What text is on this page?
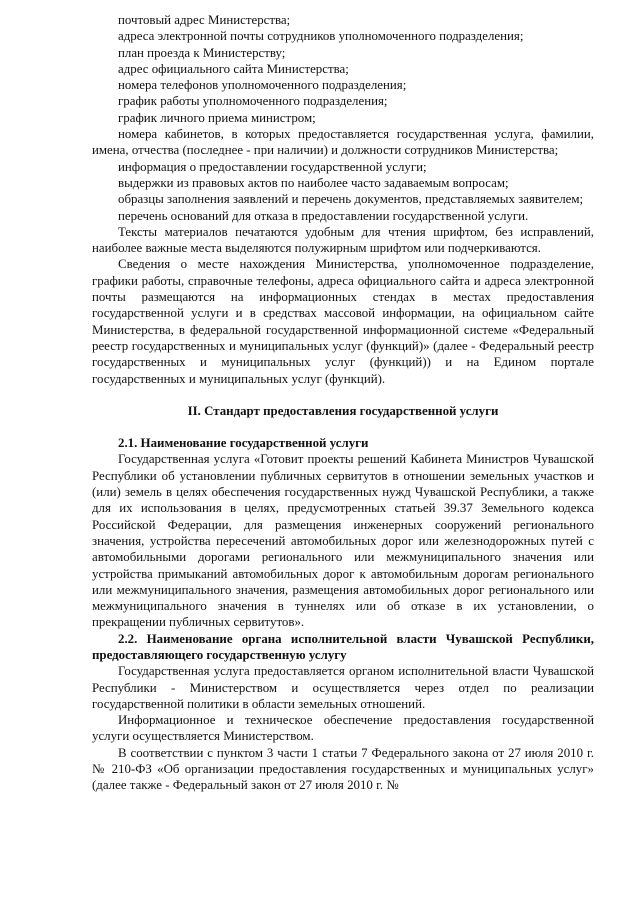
почтовый адрес Министерства;

адреса электронной почты сотрудников уполномоченного подразделения;

план проезда к Министерству;

адрес официального сайта Министерства;

номера телефонов уполномоченного подразделения;

график работы уполномоченного подразделения;

график личного приема министром;

номера кабинетов, в которых предоставляется государственная услуга, фамилии, имена, отчества (последнее - при наличии) и должности сотрудников Министерства;

информация о предоставлении государственной услуги;

выдержки из правовых актов по наиболее часто задаваемым вопросам;

образцы заполнения заявлений и перечень документов, представляемых заявителем;

перечень оснований для отказа в предоставлении государственной услуги.

Тексты материалов печатаются удобным для чтения шрифтом, без исправлений, наиболее важные места выделяются полужирным шрифтом или подчеркиваются.

Сведения о месте нахождения Министерства, уполномоченное подразделение, графики работы, справочные телефоны, адреса официального сайта и адреса электронной почты размещаются на информационных стендах в местах предоставления государственной услуги и в средствах массовой информации, на официальном сайте Министерства, в федеральной государственной информационной системе «Федеральный реестр государственных и муниципальных услуг (функций)» (далее - Федеральный реестр государственных и муниципальных услуг (функций)) и на Едином портале государственных и муниципальных услуг (функций).

II. Стандарт предоставления государственной услуги

2.1. Наименование государственной услуги

Государственная услуга «Готовит проекты решений Кабинета Министров Чувашской Республики об установлении публичных сервитутов в отношении земельных участков и (или) земель в целях обеспечения государственных нужд Чувашской Республики, а также для их использования в целях, предусмотренных статьей 39.37 Земельного кодекса Российской Федерации, для размещения инженерных сооружений регионального значения, устройства пересечений автомобильных дорог или железнодорожных путей с автомобильными дорогами регионального или межмуниципального значения или устройства примыканий автомобильных дорог к автомобильным дорогам регионального или межмуниципального значения, размещения автомобильных дорог регионального или межмуниципального значения в туннелях или об отказе в их установлении, о прекращении публичных сервитутов».

2.2. Наименование органа исполнительной власти Чувашской Республики, предоставляющего государственную услугу

Государственная услуга предоставляется органом исполнительной власти Чувашской Республики - Министерством и осуществляется через отдел по реализации государственной политики в области земельных отношений.

Информационное и техническое обеспечение предоставления государственной услуги осуществляется Министерством.

В соответствии с пунктом 3 части 1 статьи 7 Федерального закона от 27 июля 2010 г. № 210-ФЗ «Об организации предоставления государственных и муниципальных услуг» (далее также - Федеральный закон от 27 июля 2010 г. №
